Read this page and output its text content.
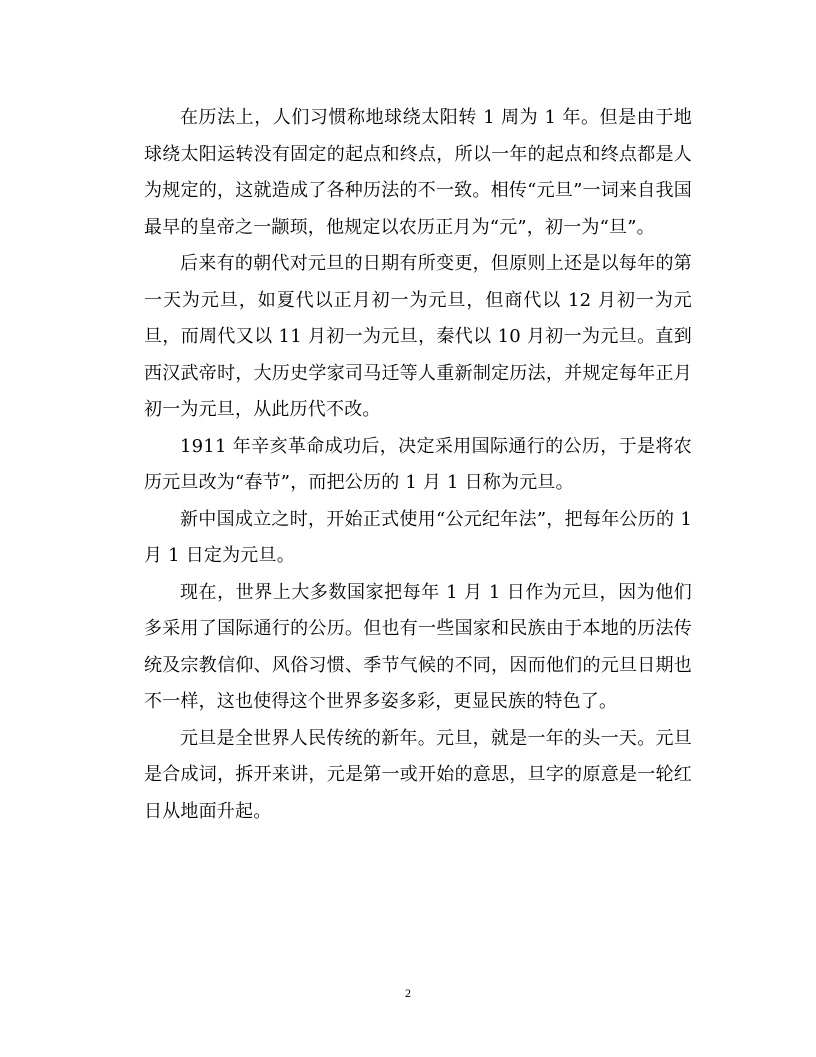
在历法上，人们习惯称地球绕太阳转 1 周为 1 年。但是由于地球绕太阳运转没有固定的起点和终点，所以一年的起点和终点都是人为规定的，这就造成了各种历法的不一致。相传“元旦”一词来自我国最早的皇帝之一颛顼，他规定以农历正月为“元”，初一为“旦”。

后来有的朝代对元旦的日期有所变更，但原则上还是以每年的第一天为元旦，如夏代以正月初一为元旦，但商代以 12 月初一为元旦，而周代又以 11 月初一为元旦，秦代以 10 月初一为元旦。直到西汉武帝时，大历史学家司马迁等人重新制定历法，并规定每年正月初一为元旦，从此历代不改。

1911 年辛亥革命成功后，决定采用国际通行的公历，于是将农历元旦改为“春节”，而把公历的 1 月 1 日称为元旦。

新中国成立之时，开始正式使用“公元纪年法”，把每年公历的 1 月 1 日定为元旦。

现在，世界上大多数国家把每年 1 月 1 日作为元旦，因为他们多采用了国际通行的公历。但也有一些国家和民族由于本地的历法传统及宗教信仰、风俗习惯、季节气候的不同，因而他们的元旦日期也不一样，这也使得这个世界多姿多彩，更显民族的特色了。

元旦是全世界人民传统的新年。元旦，就是一年的头一天。元旦是合成词，拆开来讲，元是第一或开始的意思，旦字的原意是一轮红日从地面升起。

2
